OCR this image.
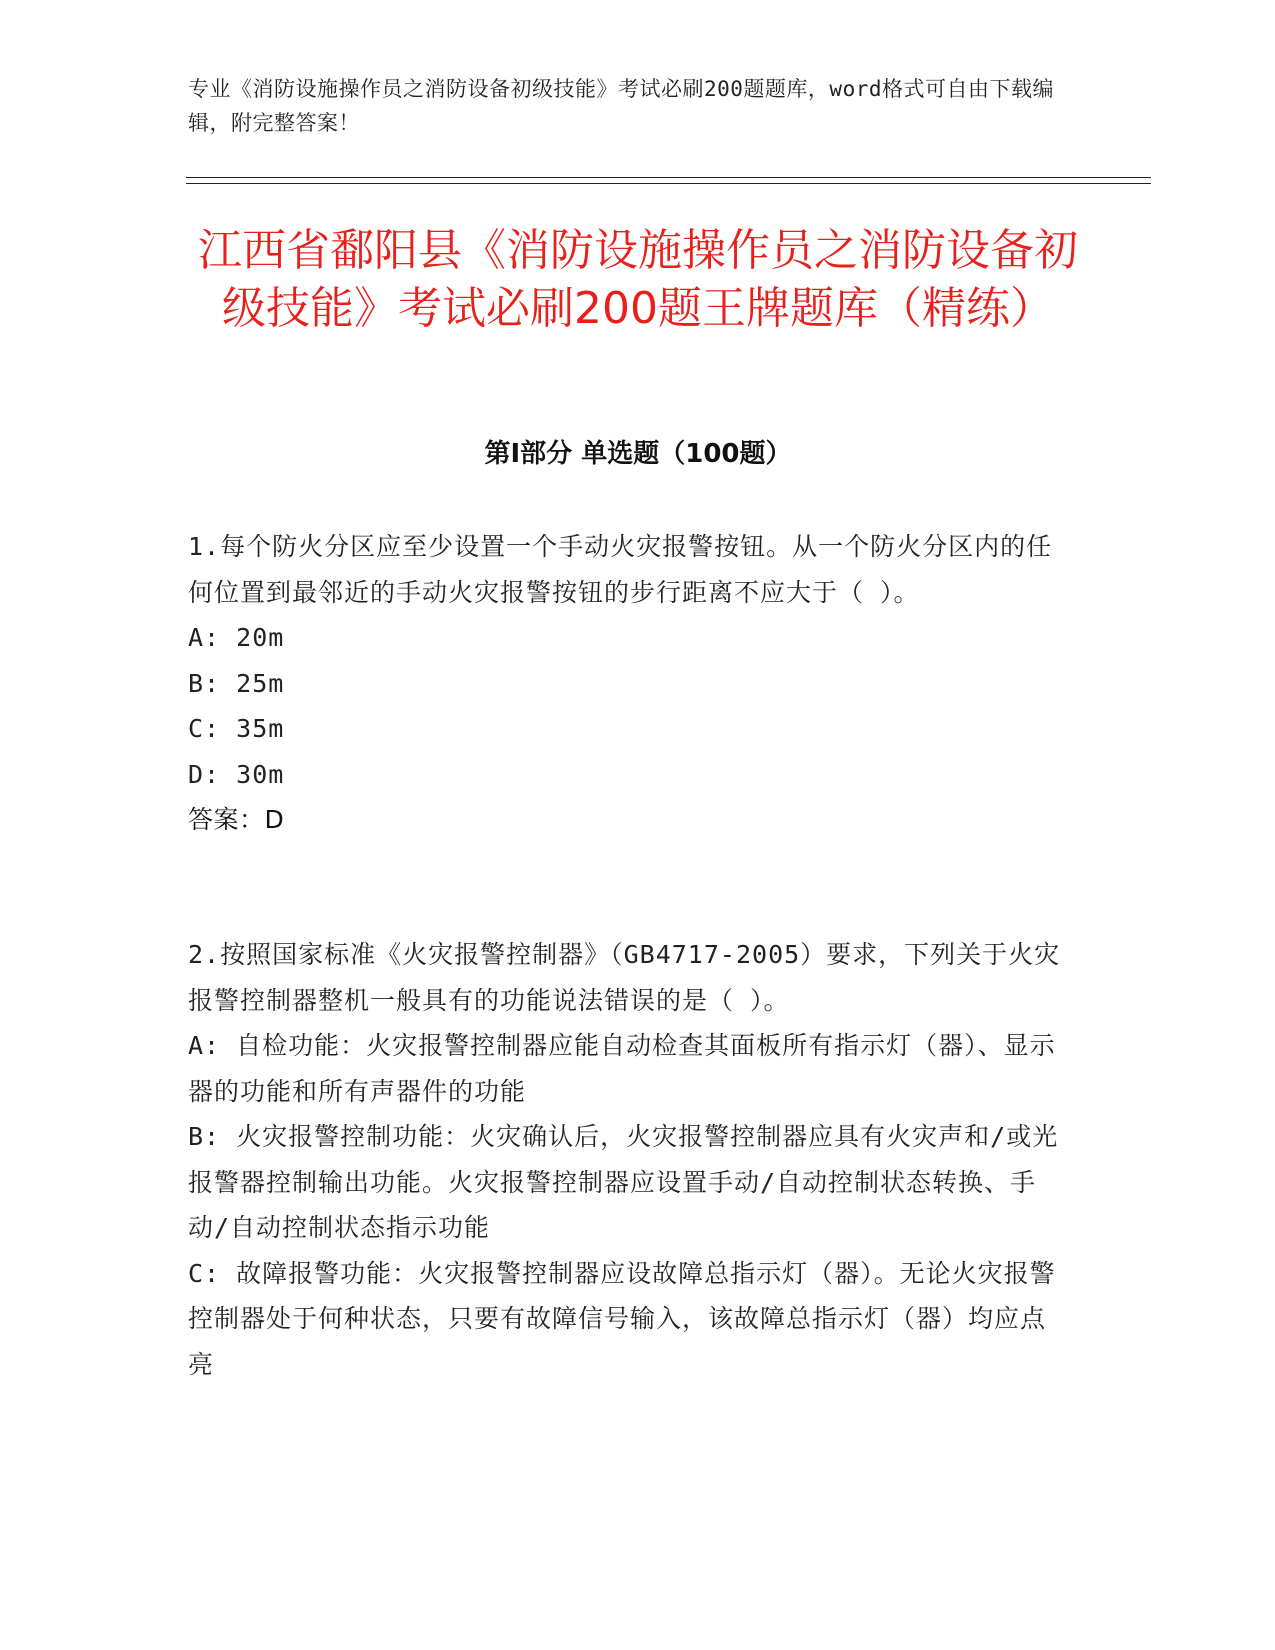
专业《消防设施操作员之消防设备初级技能》考试必刷200题题库，word格式可自由下载编辑，附完整答案！
江西省鄱阳县《消防设施操作员之消防设备初级技能》考试必刷200题王牌题库（精练）
第Ⅰ部分 单选题（100题）

1.每个防火分区应至少设置一个手动火灾报警按钮。从一个防火分区内的任何位置到最邻近的手动火灾报警按钮的步行距离不应大于（ ）。

A: 20m

B: 25m

C: 35m

D: 30m

答案：D

2.按照国家标准《火灾报警控制器》（GB4717-2005）要求，下列关于火灾报警控制器整机一般具有的功能说法错误的是（ ）。

A: 自检功能：火灾报警控制器应能自动检查其面板所有指示灯（器）、显示器的功能和所有声器件的功能

B: 火灾报警控制功能：火灾确认后，火灾报警控制器应具有火灾声和/或光报警器控制输出功能。火灾报警控制器应设置手动/自动控制状态转换、手动/自动控制状态指示功能

C: 故障报警功能：火灾报警控制器应设故障总指示灯（器）。无论火灾报警控制器处于何种状态，只要有故障信号输入，该故障总指示灯（器）均应点亮
